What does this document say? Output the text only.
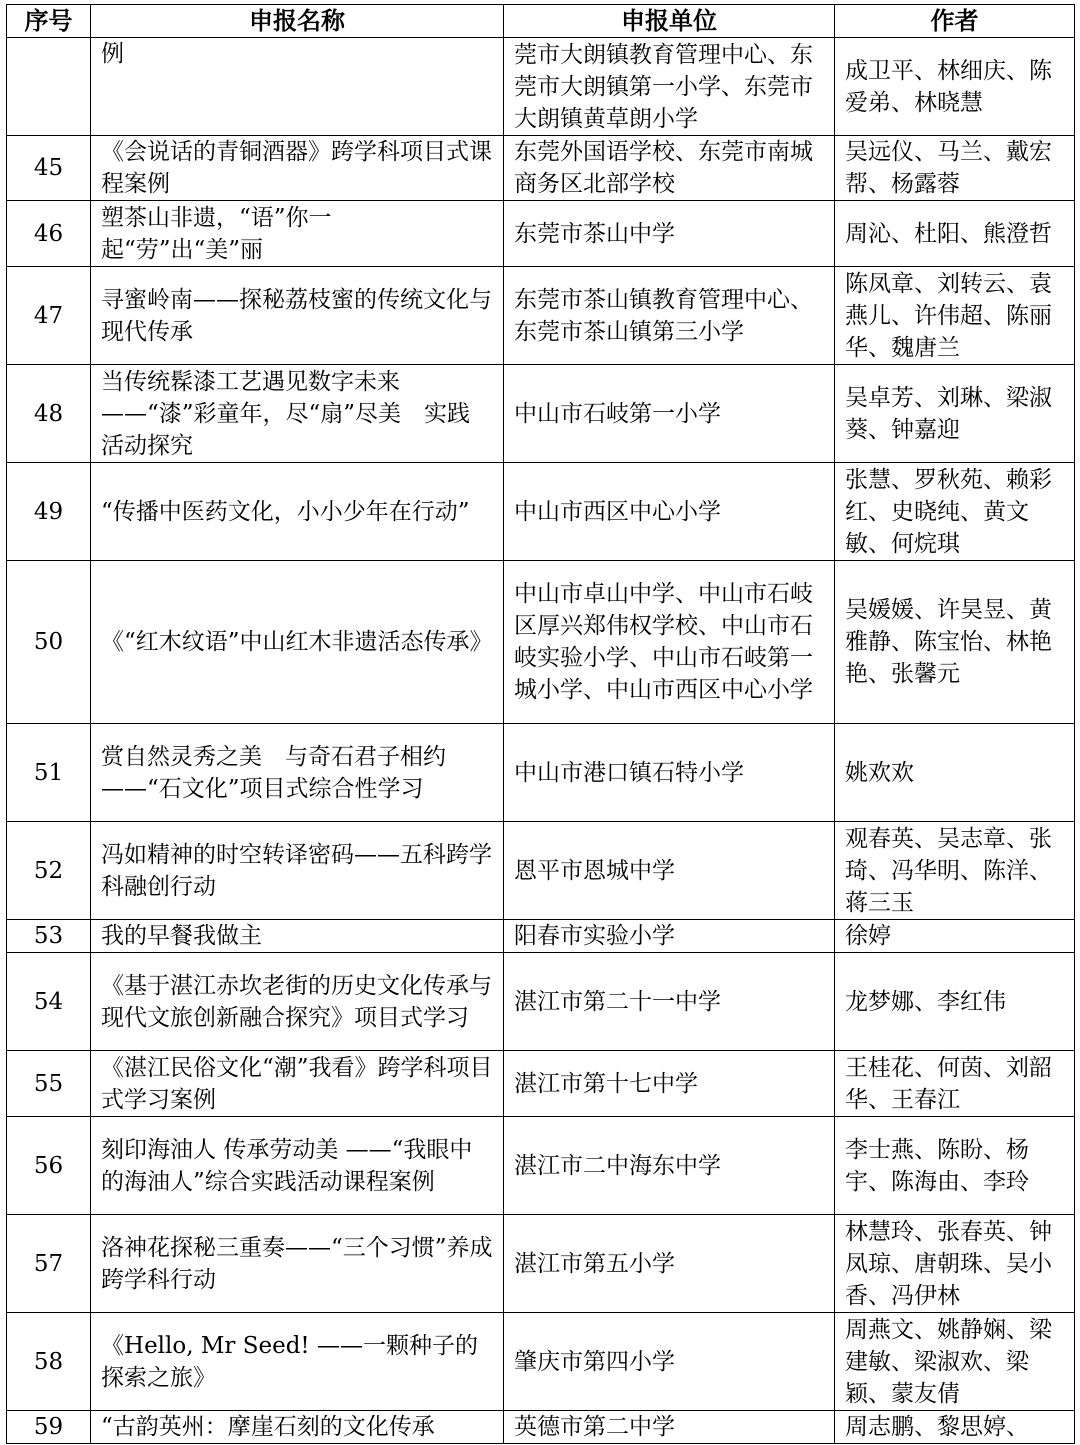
序号	申报名称	申报单位	作者
	例	莞市大朗镇教育管理中心、东莞市大朗镇第一小学、东莞市大朗镇黄草朗小学	成卫平、林细庆、陈爱弟、林晓慧
45	《会说话的青铜酒器》跨学科项目式课程案例	东莞外国语学校、东莞市南城商务区北部学校	吴远仪、马兰、戴宏帮、杨露蓉
46	塑茶山非遗，“语”你一起“劳”出“美”丽	东莞市茶山中学	周沁、杜阳、熊澄哲
47	寻蜜岭南——探秘荔枝蜜的传统文化与现代传承	东莞市茶山镇教育管理中心、东莞市茶山镇第三小学	陈凤章、刘转云、袁燕儿、许伟超、陈丽华、魏唐兰
48	当传统髹漆工艺遇见数字未来——“漆”彩童年，尽“扇”尽美　实践活动探究	中山市石岐第一小学	吴卓芳、刘琳、梁淑葵、钟嘉迎
49	“传播中医药文化，小小少年在行动”	中山市西区中心小学	张慧、罗秋苑、赖彩红、史晓纯、黄文敏、何烷琪
50	《“红木纹语”中山红木非遗活态传承》	中山市卓山中学、中山市石岐区厚兴郑伟权学校、中山市石岐实验小学、中山市石岐第一城小学、中山市西区中心小学	吴媛媛、许昊昱、黄雅静、陈宝怡、林艳艳、张馨元
51	赏自然灵秀之美　与奇石君子相约——“石文化”项目式综合性学习	中山市港口镇石特小学	姚欢欢
52	冯如精神的时空转译密码——五科跨学科融创行动	恩平市恩城中学	观春英、吴志章、张琦、冯华明、陈洋、蒋三玉
53	我的早餐我做主	阳春市实验小学	徐婷
54	《基于湛江赤坎老街的历史文化传承与现代文旅创新融合探究》项目式学习	湛江市第二十一中学	龙梦娜、李红伟
55	《湛江民俗文化“潮”我看》跨学科项目式学习案例	湛江市第十七中学	王桂花、何茵、刘韶华、王春江
56	刻印海油人 传承劳动美 ——“我眼中的海油人”综合实践活动课程案例	湛江市二中海东中学	李士燕、陈盼、杨宇、陈海由、李玲
57	洛神花探秘三重奏——“三个习惯”养成跨学科行动	湛江市第五小学	林慧玲、张春英、钟凤琼、唐朝珠、吴小香、冯伊林
58	《Hello, Mr Seed! ——一颗种子的探索之旅》	肇庆市第四小学	周燕文、姚静娴、梁建敏、梁淑欢、梁颖、蒙友倩
59	“古韵英州：摩崖石刻的文化传承	英德市第二中学	周志鹏、黎思婷、
